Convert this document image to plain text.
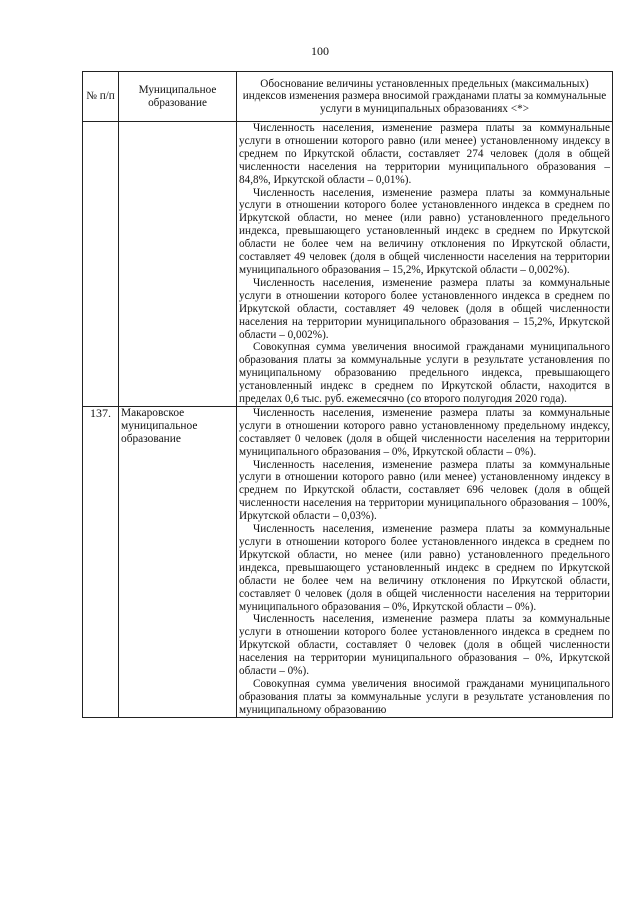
100
№ п/п	Муниципальное образование	Обоснование величины установленных предельных (максимальных) индексов изменения размера вносимой гражданами платы за коммунальные услуги в муниципальных образованиях <*>

		Численность населения, изменение размера платы за коммунальные услуги в отношении которого равно (или менее) установленному индексу в среднем по Иркутской области, составляет 274 человек (доля в общей численности населения на территории муниципального образования – 84,8%, Иркутской области – 0,01%).

Численность населения, изменение размера платы за коммунальные услуги в отношении которого более установленного индекса в среднем по Иркутской области, но менее (или равно) установленного предельного индекса, превышающего установленный индекс в среднем по Иркутской области не более чем на величину отклонения по Иркутской области, составляет 49 человек (доля в общей численности населения на территории муниципального образования – 15,2%, Иркутской области – 0,002%).

Численность населения, изменение размера платы за коммунальные услуги в отношении которого более установленного индекса в среднем по Иркутской области, составляет 49 человек (доля в общей численности населения на территории муниципального образования – 15,2%, Иркутской области – 0,002%).

Совокупная сумма увеличения вносимой гражданами муниципального образования платы за коммунальные услуги в результате установления по муниципальному образованию предельного индекса, превышающего установленный индекс в среднем по Иркутской области, находится в пределах 0,6 тыс. руб. ежемесячно (со второго полугодия 2020 года).

137.	Макаровское муниципальное образование	Численность населения, изменение размера платы за коммунальные услуги в отношении которого равно установленному предельному индексу, составляет 0 человек (доля в общей численности населения на территории муниципального образования – 0%, Иркутской области – 0%).

Численность населения, изменение размера платы за коммунальные услуги в отношении которого равно (или менее) установленному индексу в среднем по Иркутской области, составляет 696 человек (доля в общей численности населения на территории муниципального образования – 100%, Иркутской области – 0,03%).

Численность населения, изменение размера платы за коммунальные услуги в отношении которого более установленного индекса в среднем по Иркутской области, но менее (или равно) установленного предельного индекса, превышающего установленный индекс в среднем по Иркутской области не более чем на величину отклонения по Иркутской области, составляет 0 человек (доля в общей численности населения на территории муниципального образования – 0%, Иркутской области – 0%).

Численность населения, изменение размера платы за коммунальные услуги в отношении которого более установленного индекса в среднем по Иркутской области, составляет 0 человек (доля в общей численности населения на территории муниципального образования – 0%, Иркутской области – 0%).

Совокупная сумма увеличения вносимой гражданами муниципального образования платы за коммунальные услуги в результате установления по муниципальному образованию
